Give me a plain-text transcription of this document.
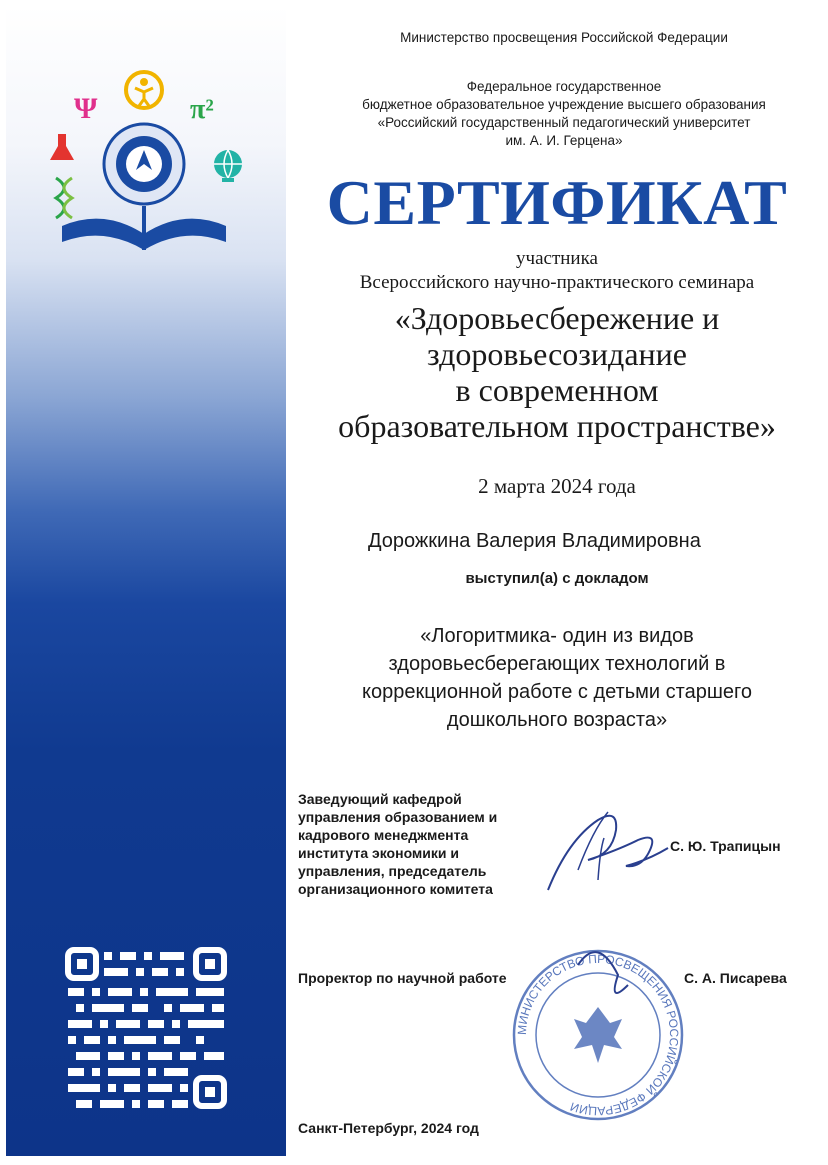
Ψ	π²
Министерство просвещения Российской Федерации
Федеральное государственное
бюджетное образовательное учреждение высшего образования
«Российский государственный педагогический университет
им. А. И. Герцена»
СЕРТИФИКАТ
участника
Всероссийского научно-практического семинара
«Здоровьесбережение и
здоровьесозидание
в современном
образовательном пространстве»
2 марта 2024 года
Дорожкина Валерия Владимировна
выступил(а) с докладом
«Логоритмика- один из видов
здоровьесберегающих технологий в
коррекционной работе с детьми старшего
дошкольного возраста»
Заведующий кафедрой
управления образованием и
кадрового менеджмента
института экономики и
управления, председатель
организационного комитета
С. Ю. Трапицын
МИНИСТЕРСТВО ПРОСВЕЩЕНИЯ РОССИЙСКОЙ ФЕДЕРАЦИИ
Проректор по научной работе	С. А. Писарева
Санкт-Петербург, 2024 год
